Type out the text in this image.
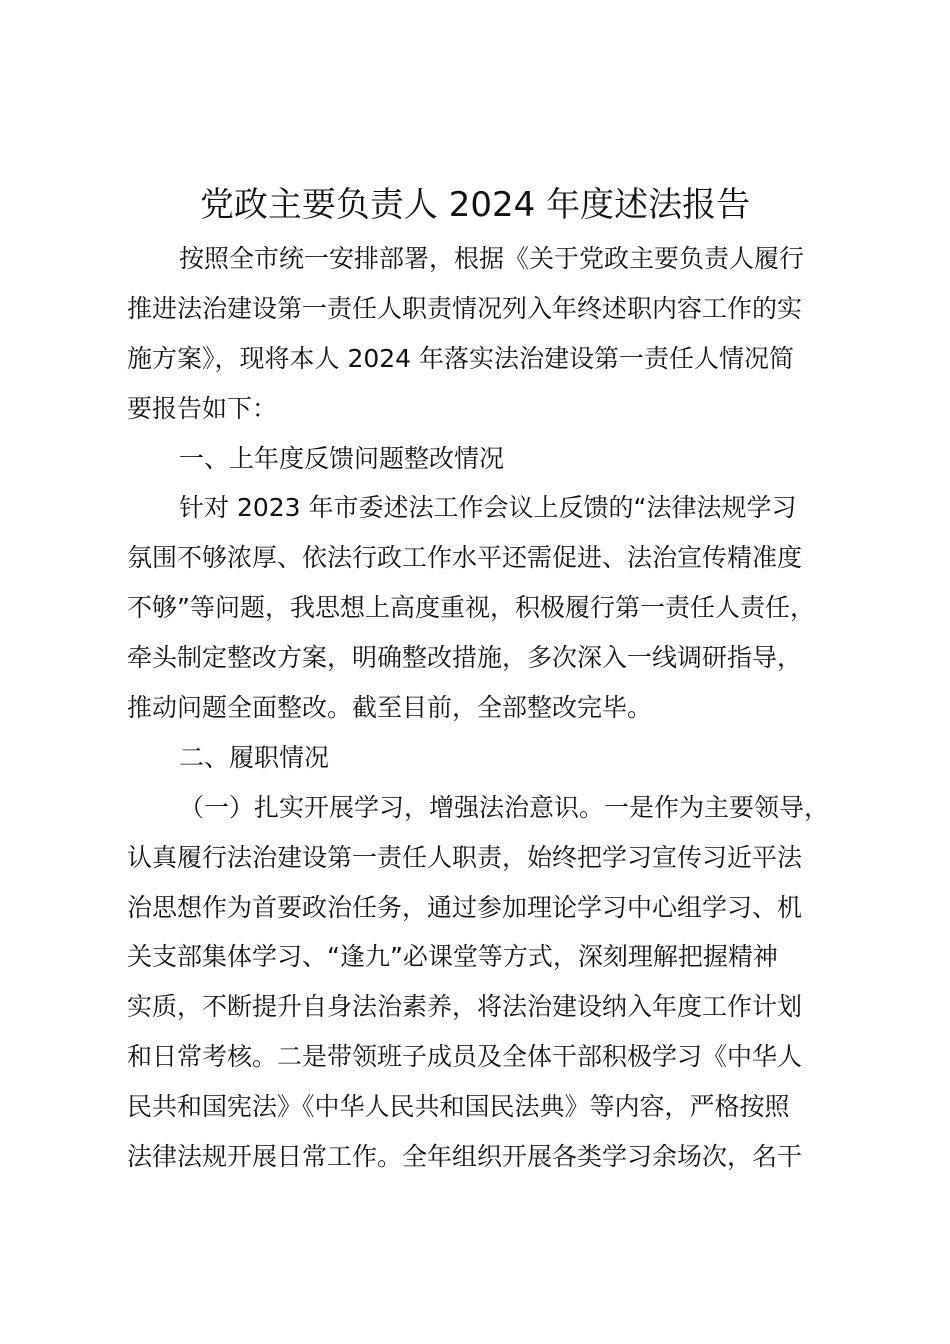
党政主要负责人 2024 年度述法报告
按照全市统一安排部署，根据《关于党政主要负责人履行
推进法治建设第一责任人职责情况列入年终述职内容工作的实
施方案》，现将本人 2024 年落实法治建设第一责任人情况简
要报告如下：
一、上年度反馈问题整改情况
针对 2023 年市委述法工作会议上反馈的“法律法规学习
氛围不够浓厚、依法行政工作水平还需促进、法治宣传精准度
不够”等问题，我思想上高度重视，积极履行第一责任人责任，
牵头制定整改方案，明确整改措施，多次深入一线调研指导，
推动问题全面整改。截至目前，全部整改完毕。
二、履职情况
（一）扎实开展学习，增强法治意识。一是作为主要领导，
认真履行法治建设第一责任人职责，始终把学习宣传习近平法
治思想作为首要政治任务，通过参加理论学习中心组学习、机
关支部集体学习、“逢九”必课堂等方式，深刻理解把握精神
实质，不断提升自身法治素养，将法治建设纳入年度工作计划
和日常考核。二是带领班子成员及全体干部积极学习《中华人
民共和国宪法》《中华人民共和国民法典》等内容，严格按照
法律法规开展日常工作。全年组织开展各类学习余场次，名干
